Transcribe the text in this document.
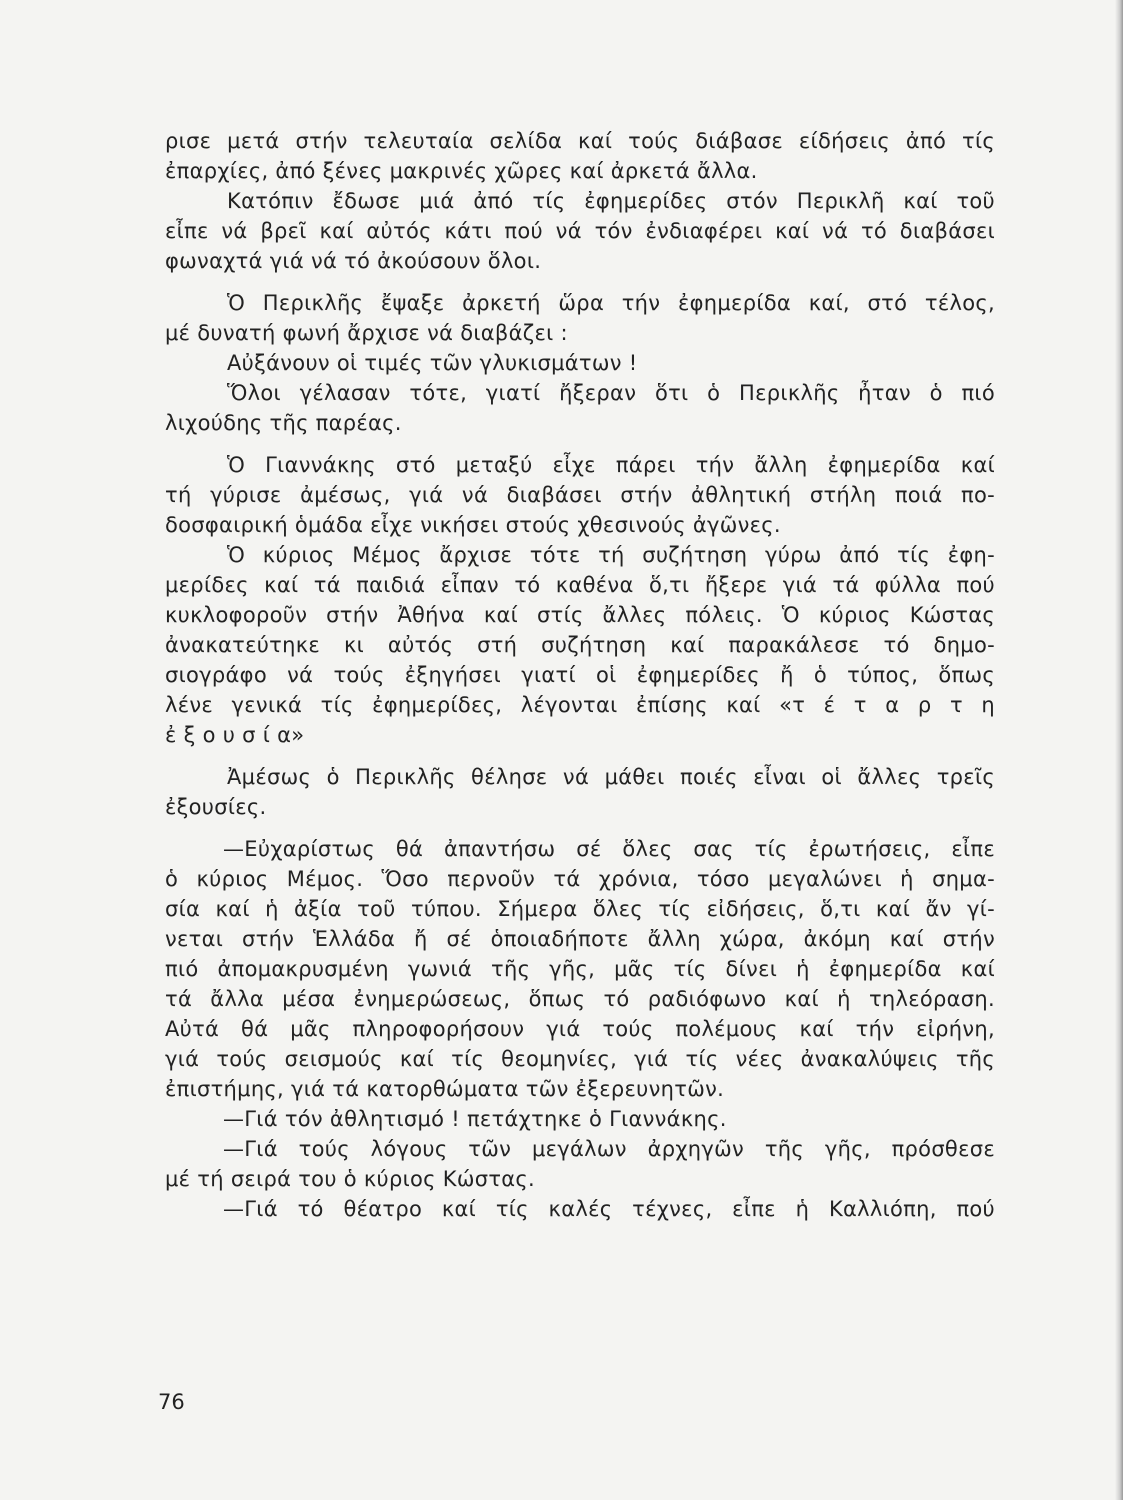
ρισε μετά στήν τελευταία σελίδα καί τούς διάβασε είδήσεις ἀπό τίς
ἐπαρχίες, ἀπό ξένες μακρινές χῶρες καί ἀρκετά ἄλλα.
Κατόπιν ἔδωσε μιά ἀπό τίς ἐφημερίδες στόν Περικλῆ καί τοῦ
εἶπε νά βρεῖ καί αὐτός κάτι πού νά τόν ἐνδιαφέρει καί νά τό διαβάσει
φωναχτά γιά νά τό ἀκούσουν ὅλοι.
Ὁ Περικλῆς ἔψαξε ἀρκετή ὥρα τήν ἐφημερίδα καί, στό τέλος,
μέ δυνατή φωνή ἄρχισε νά διαβάζει :
Αὐξάνουν οἱ τιμές τῶν γλυκισμάτων !
Ὅλοι γέλασαν τότε, γιατί ἤξεραν ὅτι ὁ Περικλῆς ἦταν ὁ πιό
λιχούδης τῆς παρέας.
Ὁ Γιαννάκης στό μεταξύ εἶχε πάρει τήν ἄλλη ἐφημερίδα καί
τή γύρισε ἀμέσως, γιά νά διαβάσει στήν ἀθλητική στήλη ποιά πο-
δοσφαιρική ὁμάδα εἶχε νικήσει στούς χθεσινούς ἀγῶνες.
Ὁ κύριος Μέμος ἄρχισε τότε τή συζήτηση γύρω ἀπό τίς ἐφη-
μερίδες καί τά παιδιά εἶπαν τό καθένα ὅ,τι ἤξερε γιά τά φύλλα πού
κυκλοφοροῦν στήν Ἀθήνα καί στίς ἄλλες πόλεις. Ὁ κύριος Κώστας
ἀνακατεύτηκε κι αὐτός στή συζήτηση καί παρακάλεσε τό δημο-
σιογράφο νά τούς ἐξηγήσει γιατί οἱ ἐφημερίδες ἤ ὁ τύπος, ὅπως
λένε γενικά τίς ἐφημερίδες, λέγονται ἐπίσης καί «τ έ τ α ρ τ η
ἐ ξ ο υ σ ί α»
Ἀμέσως ὁ Περικλῆς θέλησε νά μάθει ποιές εἶναι οἱ ἄλλες τρεῖς
ἐξουσίες.
—Εὐχαρίστως θά ἀπαντήσω σέ ὅλες σας τίς ἐρωτήσεις, εἶπε
ὁ κύριος Μέμος. Ὅσο περνοῦν τά χρόνια, τόσο μεγαλώνει ἡ σημα-
σία καί ἡ ἀξία τοῦ τύπου. Σήμερα ὅλες τίς εἰδήσεις, ὅ,τι καί ἄν γί-
νεται στήν Ἑλλάδα ἤ σέ ὁποιαδήποτε ἄλλη χώρα, ἀκόμη καί στήν
πιό ἀπομακρυσμένη γωνιά τῆς γῆς, μᾶς τίς δίνει ἡ ἐφημερίδα καί
τά ἄλλα μέσα ἐνημερώσεως, ὅπως τό ραδιόφωνο καί ἡ τηλεόραση.
Αὐτά θά μᾶς πληροφορήσουν γιά τούς πολέμους καί τήν εἰρήνη,
γιά τούς σεισμούς καί τίς θεομηνίες, γιά τίς νέες ἀνακαλύψεις τῆς
ἐπιστήμης, γιά τά κατορθώματα τῶν ἐξερευνητῶν.
—Γιά τόν ἀθλητισμό ! πετάχτηκε ὁ Γιαννάκης.
—Γιά τούς λόγους τῶν μεγάλων ἀρχηγῶν τῆς γῆς, πρόσθεσε
μέ τή σειρά του ὁ κύριος Κώστας.
—Γιά τό θέατρο καί τίς καλές τέχνες, εἶπε ἡ Καλλιόπη, πού
76
